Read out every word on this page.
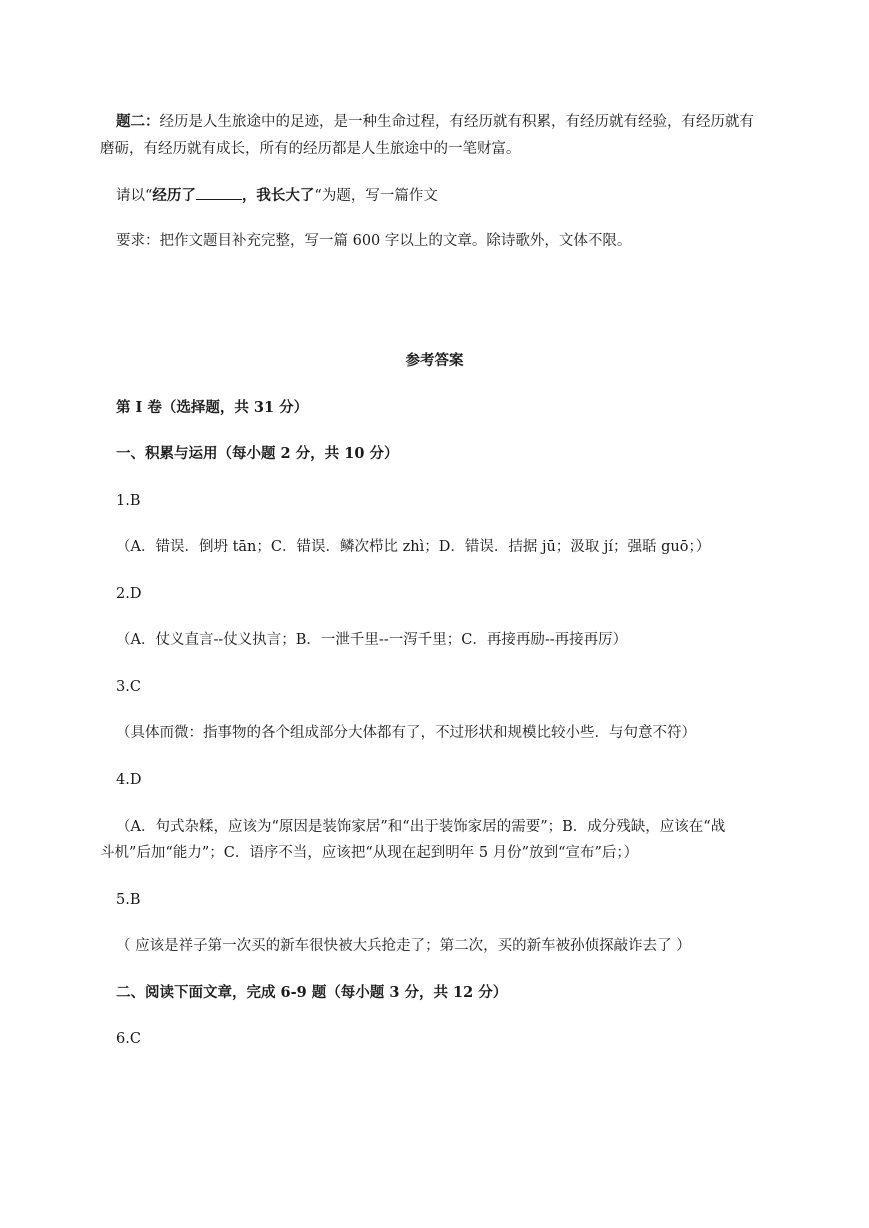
题二：经历是人生旅途中的足迹，是一种生命过程，有经历就有积累，有经历就有经验，有经历就有
磨砺，有经历就有成长，所有的经历都是人生旅途中的一笔财富。
请以“经历了	，我长大了“为题，写一篇作文
要求：把作文题目补充完整，写一篇 600 字以上的文章。除诗歌外，文体不限。
参考答案
第 I 卷（选择题，共 31 分）
一、积累与运用（每小题 2 分，共 10 分）
1.B
（A．错误．倒坍 tān；C．错误．鳞次栉比 zhì；D．错误．拮据 jū；汲取 jí；强聒 guō；）
2.D
（A．仗义直言--仗义执言；B．一泄千里--一泻千里；C．再接再励--再接再厉）
3.C
（具体而微：指事物的各个组成部分大体都有了，不过形状和规模比较小些．与句意不符）
4.D
（A．句式杂糅，应该为“原因是装饰家居”和“出于装饰家居的需要”；B．成分残缺，应该在“战
斗机”后加“能力”；C．语序不当，应该把“从现在起到明年 5 月份”放到“宣布”后；）
5.B
（ 应该是祥子第一次买的新车很快被大兵抢走了；第二次，买的新车被孙侦探敲诈去了 ）
二、阅读下面文章，完成 6-9 题（每小题 3 分，共 12 分）
6.C
